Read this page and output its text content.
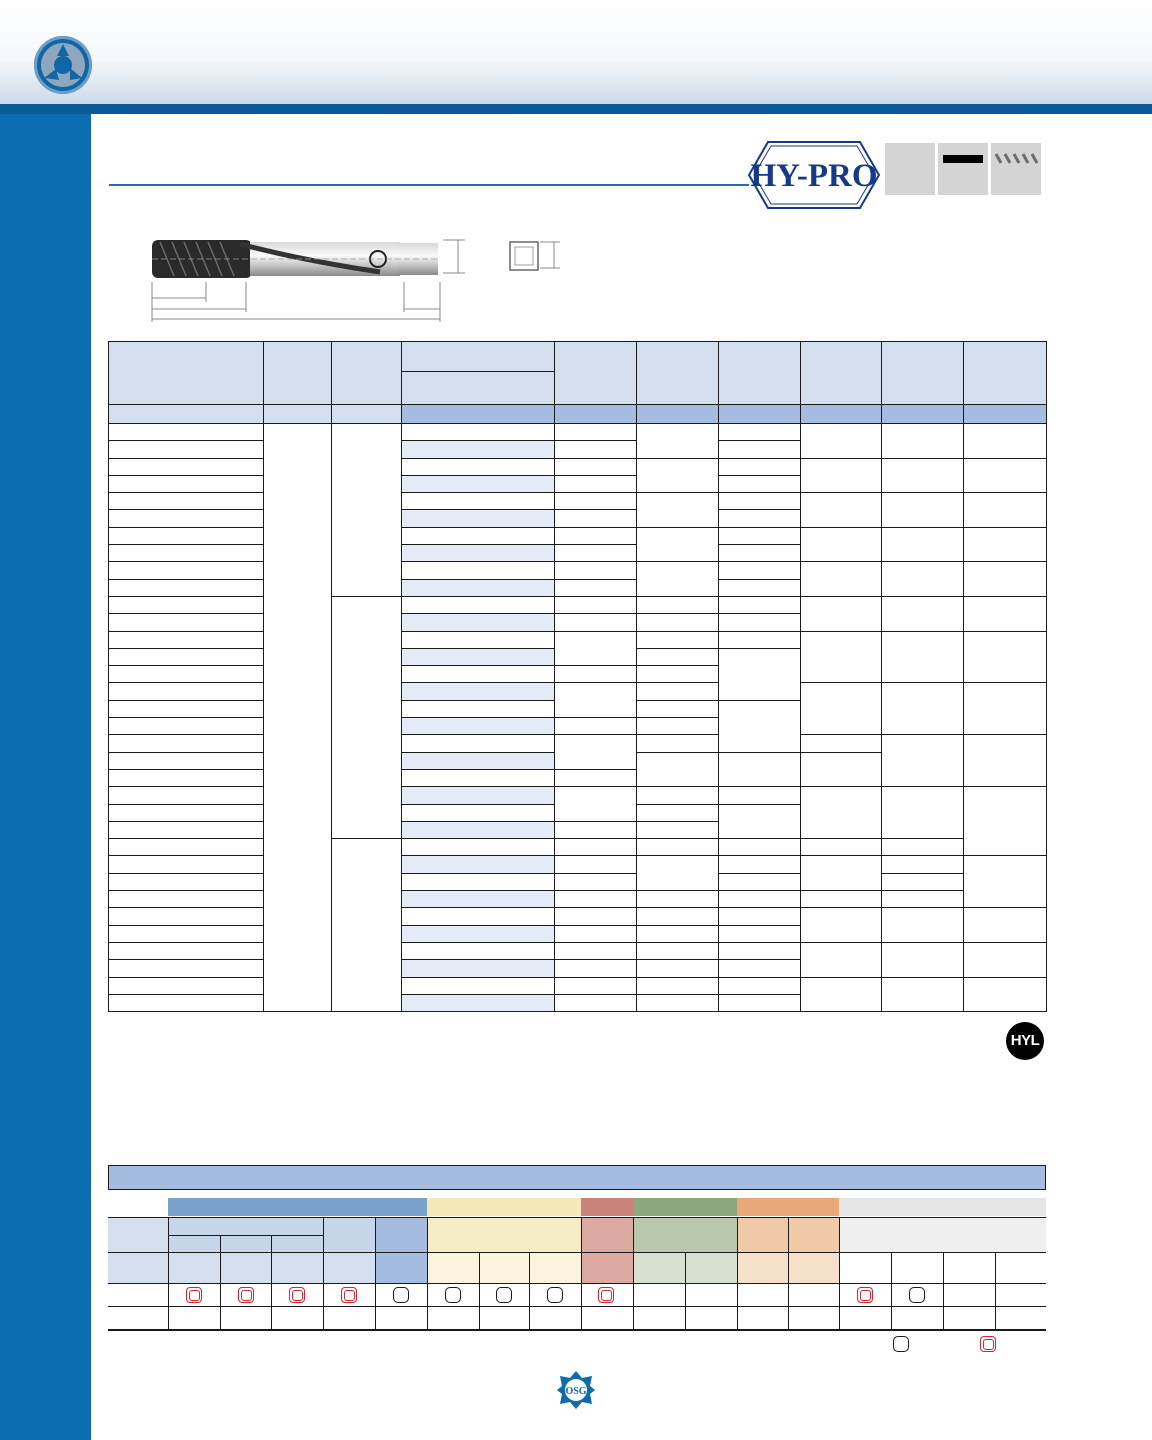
HY-PRO

HYL
OSG
